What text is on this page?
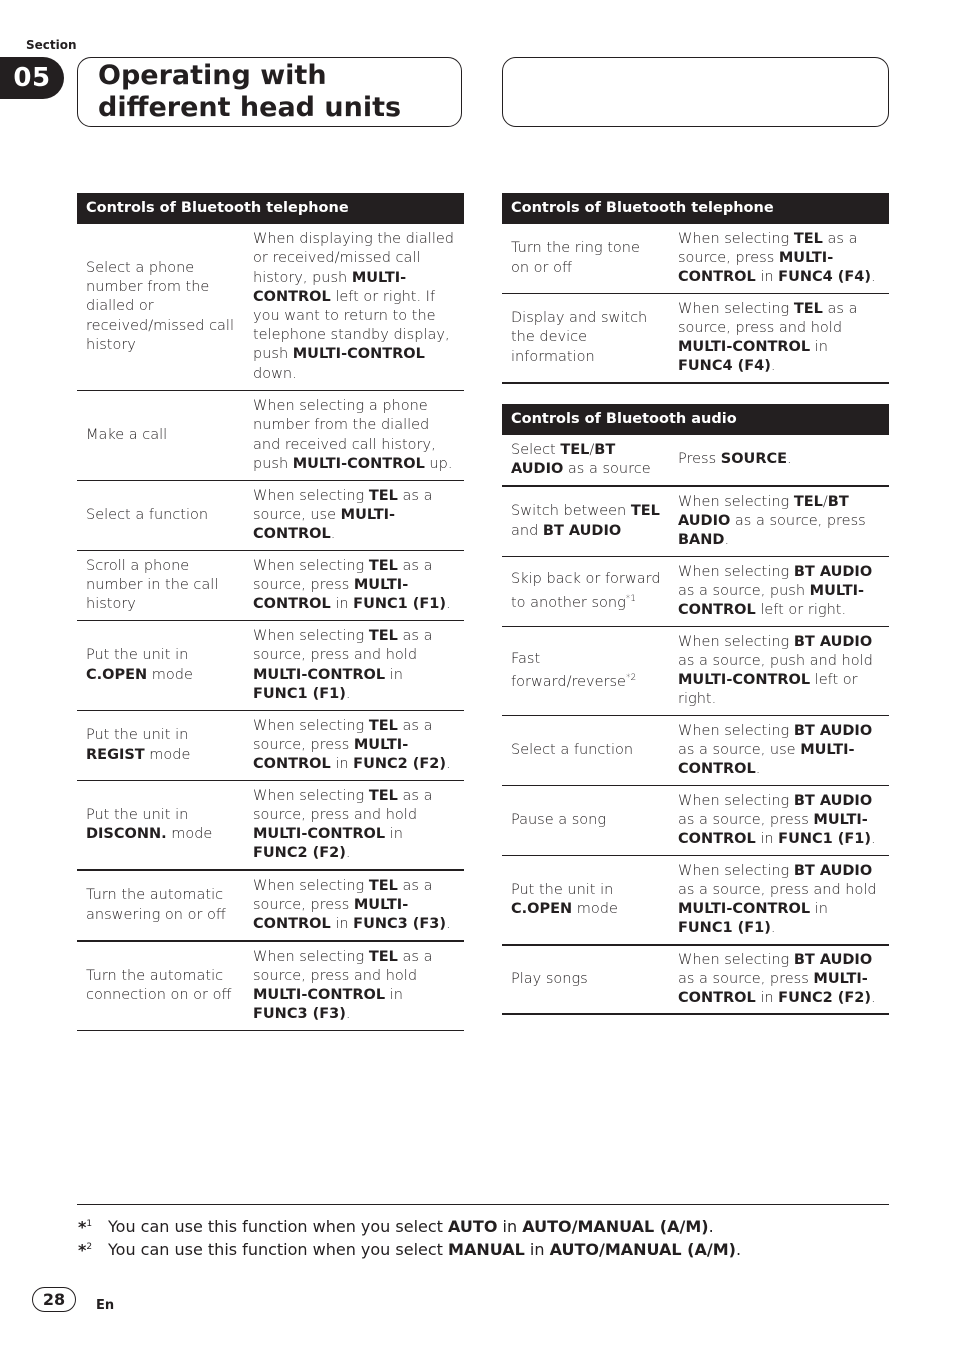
Section
05	Operating with different head units
Controls of Bluetooth telephone
Select a phone number from the dialled or received/missed call history
When displaying the dialled or received/missed call history, push MULTI-CONTROL left or right. If you want to return to the telephone standby display, push MULTI-CONTROL down.
Make a call
When selecting a phone number from the dialled and received call history, push MULTI-CONTROL up.
Select a function
When selecting TEL as a source, use MULTI-CONTROL.
Scroll a phone number in the call history
When selecting TEL as a source, press MULTI-CONTROL in FUNC1 (F1).
Put the unit in C.OPEN mode
When selecting TEL as a source, press and hold MULTI-CONTROL in FUNC1 (F1).
Put the unit in REGIST mode
When selecting TEL as a source, press MULTI-CONTROL in FUNC2 (F2).
Put the unit in DISCONN. mode
When selecting TEL as a source, press and hold MULTI-CONTROL in FUNC2 (F2).
Turn the automatic answering on or off
When selecting TEL as a source, press MULTI-CONTROL in FUNC3 (F3).
Turn the automatic connection on or off
When selecting TEL as a source, press and hold MULTI-CONTROL in FUNC3 (F3).
Controls of Bluetooth telephone
Turn the ring tone on or off
When selecting TEL as a source, press MULTI-CONTROL in FUNC4 (F4).
Display and switch the device information
When selecting TEL as a source, press and hold MULTI-CONTROL in FUNC4 (F4).
Controls of Bluetooth audio
Select TEL/BT AUDIO as a source
Press SOURCE.
Switch between TEL and BT AUDIO
When selecting TEL/BT AUDIO as a source, press BAND.
Skip back or forward to another song$^{*1}$
When selecting BT AUDIO as a source, push MULTI-CONTROL left or right.
Fast forward/reverse$^{*2}$
When selecting BT AUDIO as a source, push and hold MULTI-CONTROL left or right.
Select a function
When selecting BT AUDIO as a source, use MULTI-CONTROL.
Pause a song
When selecting BT AUDIO as a source, press MULTI-CONTROL in FUNC1 (F1).
Put the unit in C.OPEN mode
When selecting BT AUDIO as a source, press and hold MULTI-CONTROL in FUNC1 (F1).
Play songs
When selecting BT AUDIO as a source, press MULTI-CONTROL in FUNC2 (F2).
*$^1$ You can use this function when you select AUTO in AUTO/MANUAL (A/M).
*$^2$ You can use this function when you select MANUAL in AUTO/MANUAL (A/M).
28	En
